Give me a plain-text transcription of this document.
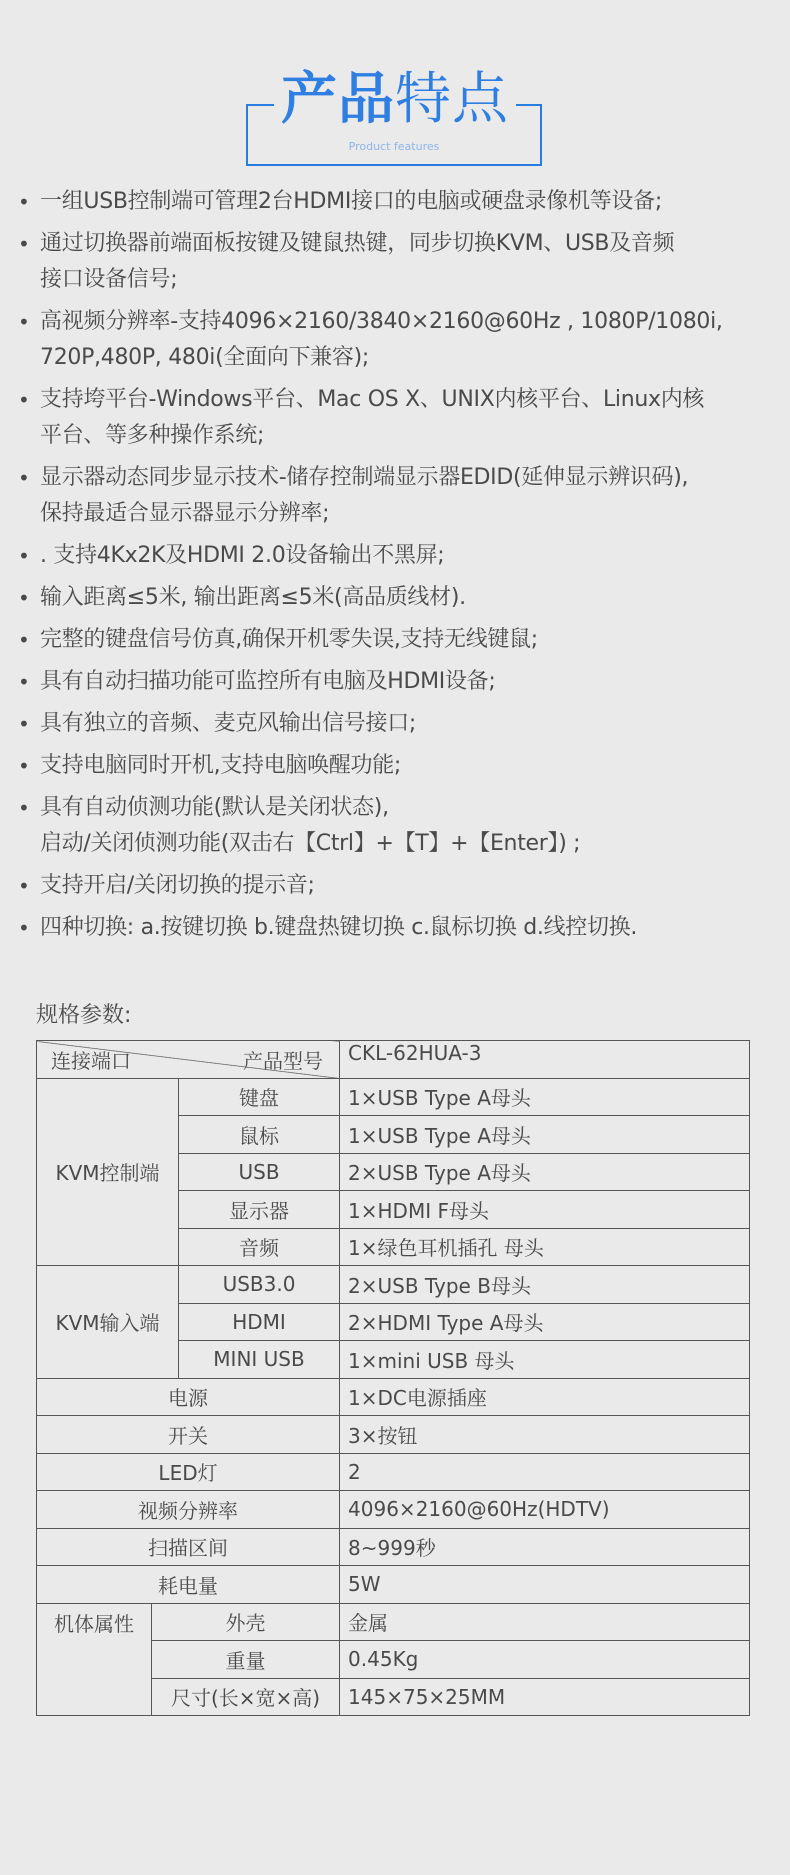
产品特点
Product features
• 一组USB控制端可管理2台HDMI接口的电脑或硬盘录像机等设备;
• 通过切换器前端面板按键及键鼠热键，同步切换KVM、USB及音频
接口设备信号;
• 高视频分辨率-支持4096×2160/3840×2160@60Hz , 1080P/1080i,
720P,480P, 480i(全面向下兼容);
• 支持垮平台-Windows平台、Mac OS X、UNIX内核平台、Linux内核
平台、等多种操作系统;
• 显示器动态同步显示技术-储存控制端显示器EDID(延伸显示辨识码),
保持最适合显示器显示分辨率;
• . 支持4Kx2K及HDMI 2.0设备输出不黑屏;
• 输入距离≤5米, 输出距离≤5米(高品质线材).
• 完整的键盘信号仿真,确保开机零失误,支持无线键鼠;
• 具有自动扫描功能可监控所有电脑及HDMI设备;
• 具有独立的音频、麦克风输出信号接口;
• 支持电脑同时开机,支持电脑唤醒功能;
• 具有自动侦测功能(默认是关闭状态),
启动/关闭侦测功能(双击右【Ctrl】+【T】+【Enter】) ;
• 支持开启/关闭切换的提示音;
• 四种切换: a.按键切换 b.键盘热键切换 c.鼠标切换 d.线控切换.
规格参数:
产品型号
连接端口			CKL-62HUA-3
KVM控制端		键盘	1×USB Type A母头
		鼠标	1×USB Type A母头
		USB	2×USB Type A母头
		显示器	1×HDMI F母头
		音频	1×绿色耳机插孔 母头
KVM输入端		USB3.0	2×USB Type B母头
		HDMI	2×HDMI Type A母头
		MINI USB	1×mini USB 母头
电源			1×DC电源插座
开关			3×按钮
LED灯			2
视频分辨率			4096×2160@60Hz(HDTV)
扫描区间			8~999秒
耗电量			5W
机体属性	外壳		金属
	重量		0.45Kg
	尺寸(长×宽×高)		145×75×25MM
